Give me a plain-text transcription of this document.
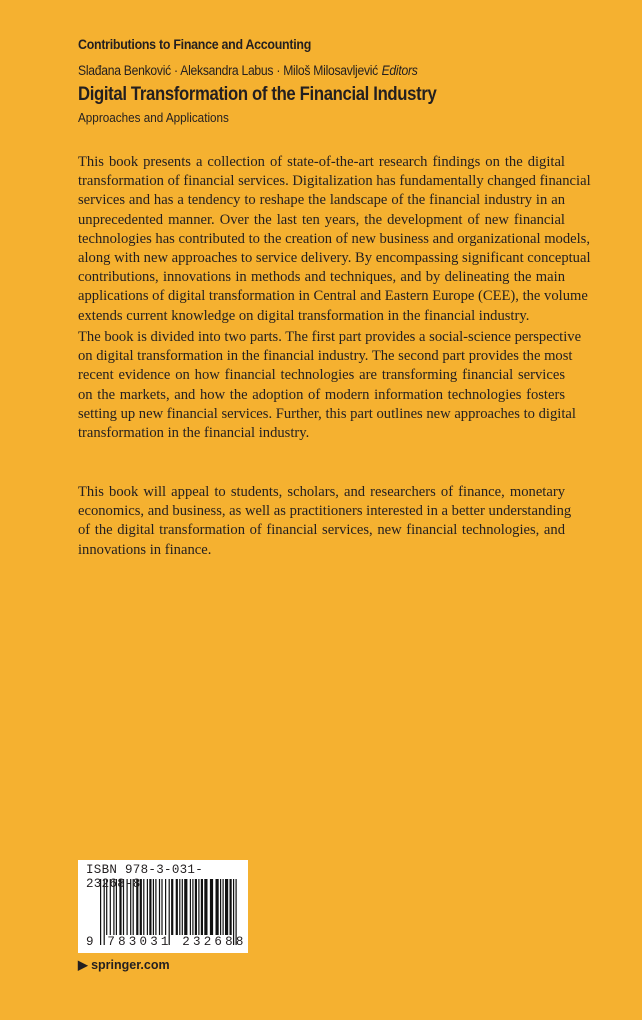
Contributions to Finance and Accounting
Slađana Benković · Aleksandra Labus · Miloš Milosavljević Editors
Digital Transformation of the Financial Industry
Approaches and Applications
This book presents a collection of state-of-the-art research findings on the digital
transformation of financial services. Digitalization has fundamentally changed financial
services and has a tendency to reshape the landscape of the financial industry in an
unprecedented manner. Over the last ten years, the development of new financial
technologies has contributed to the creation of new business and organizational models,
along with new approaches to service delivery. By encompassing significant conceptual
contributions, innovations in methods and techniques, and by delineating the main
applications of digital transformation in Central and Eastern Europe (CEE), the volume
extends current knowledge on digital transformation in the financial industry.
The book is divided into two parts. The first part provides a social-science perspective
on digital transformation in the financial industry. The second part provides the most
recent evidence on how financial technologies are transforming financial services
on the markets, and how the adoption of modern information technologies fosters
setting up new financial services. Further, this part outlines new approaches to digital
transformation in the financial industry.
This book will appeal to students, scholars, and researchers of finance, monetary
economics, and business, as well as practitioners interested in a better understanding
of the digital transformation of financial services, new financial technologies, and
innovations in finance.
ISBN 978-3-031-23268-8
9 783031 232688
▶ springer.com
